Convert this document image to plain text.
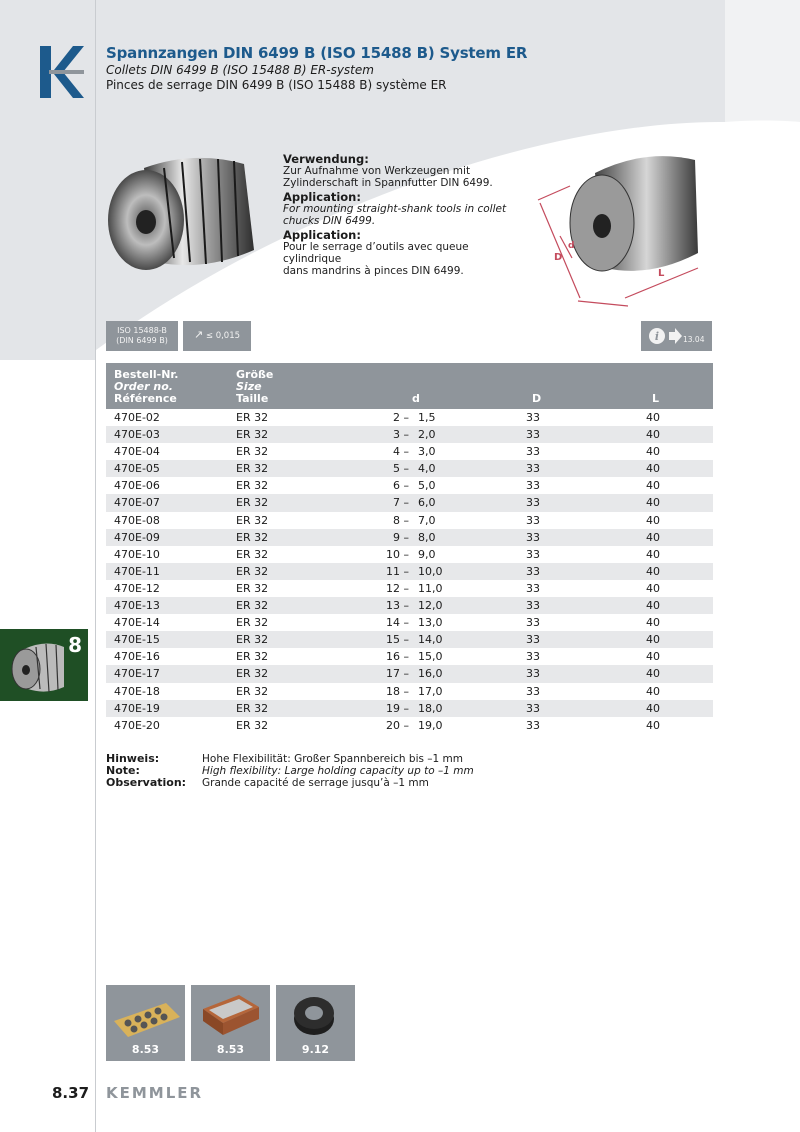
Spannzangen DIN 6499 B (ISO 15488 B) System ER
Collets DIN 6499 B (ISO 15488 B) ER-system
Pinces de serrage DIN 6499 B (ISO 15488 B) système ER
D
d
L
Verwendung:
Zur Aufnahme von Werkzeugen mit
Zylinderschaft in Spannfutter DIN 6499.
Application:
For mounting straight-shank tools in collet
chucks DIN 6499.
Application:
Pour le serrage d’outils avec queue cylindrique
dans mandrins à pinces DIN 6499.
ISO 15488-B
(DIN 6499 B)	↗ ≤ 0,015	i	13.04
Bestell-Nr.
Order no.
Référence
Größe
Size
Taille	d	D	L
470E-02	ER 32	2 – 1,5	33	40
470E-03	ER 32	3 – 2,0	33	40
470E-04	ER 32	4 – 3,0	33	40
470E-05	ER 32	5 – 4,0	33	40
470E-06	ER 32	6 – 5,0	33	40
470E-07	ER 32	7 – 6,0	33	40
470E-08	ER 32	8 – 7,0	33	40
470E-09	ER 32	9 – 8,0	33	40
470E-10	ER 32	10 – 9,0	33	40
470E-11	ER 32	11 – 10,0	33	40
470E-12	ER 32	12 – 11,0	33	40
470E-13	ER 32	13 – 12,0	33	40
470E-14	ER 32	14 – 13,0	33	40
470E-15	ER 32	15 – 14,0	33	40
470E-16	ER 32	16 – 15,0	33	40
470E-17	ER 32	17 – 16,0	33	40
470E-18	ER 32	18 – 17,0	33	40
470E-19	ER 32	19 – 18,0	33	40
470E-20	ER 32	20 – 19,0	33	40
Hinweis:	Hohe Flexibilität: Großer Spannbereich bis –1 mm
Note:	High flexibility: Large holding capacity up to –1 mm
Observation:	Grande capacité de serrage jusqu’à –1 mm
8
8.53	8.53	9.12
8.37 KEMMLER
